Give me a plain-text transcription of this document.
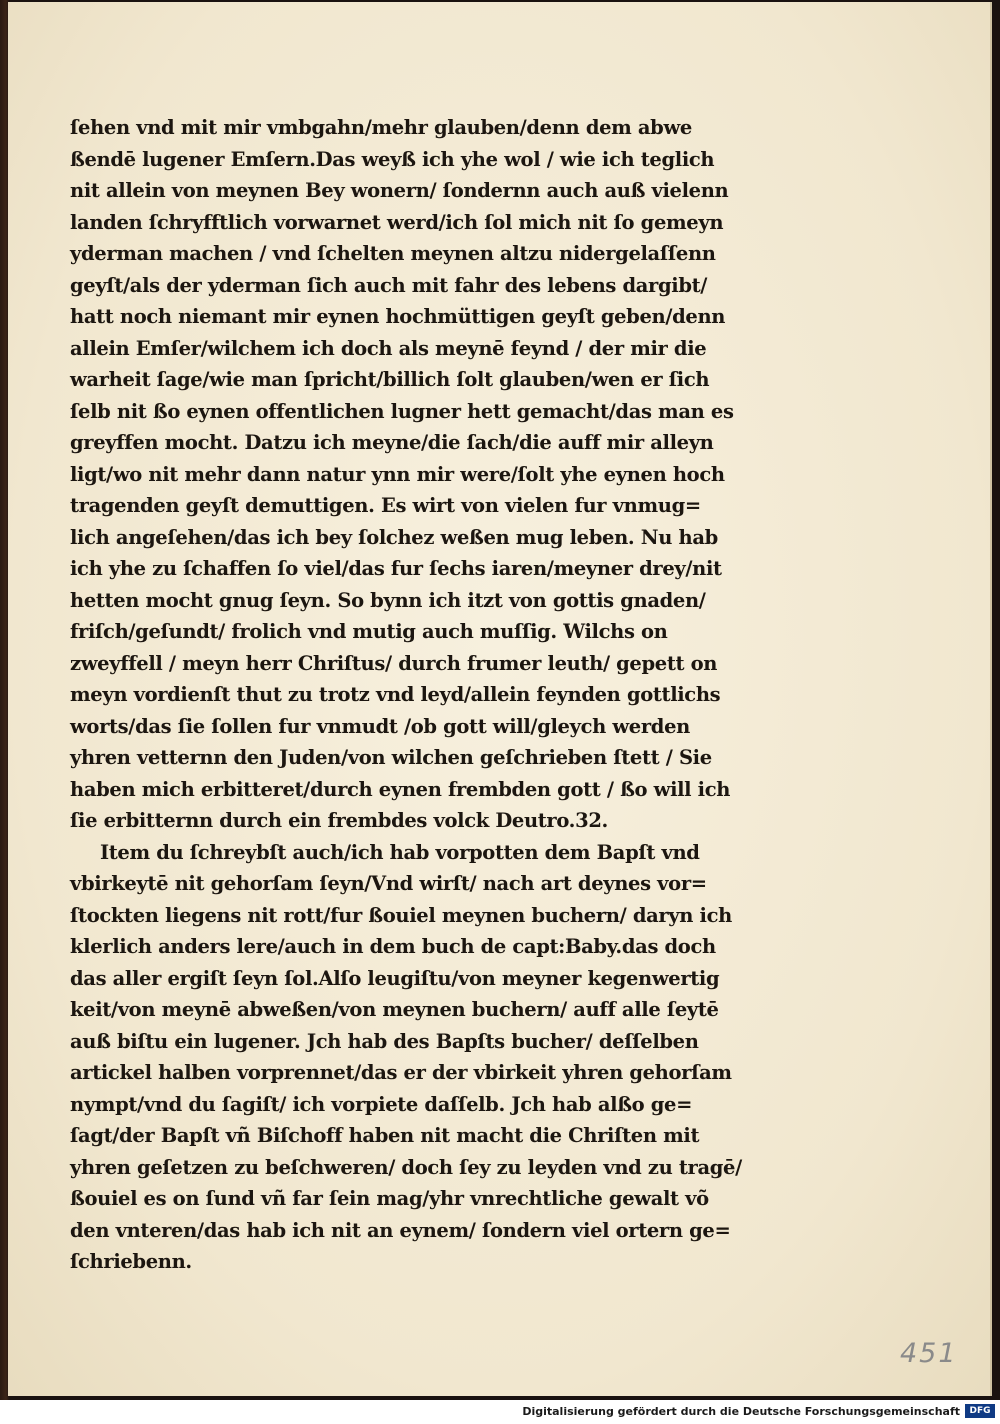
ſehen vnd mit mir vmbgahn/mehr glauben/denn dem abwe
ßendē lugener Emſern.Das weyß ich yhe wol / wie ich teglich
nit allein von meynen Bey wonern/ ſondernn auch auß vielenn
landen ſchryfftlich vorwarnet werd/ich ſol mich nit ſo gemeyn
yderman machen / vnd ſchelten meynen altzu nidergelaſſenn
geyſt/als der yderman ſich auch mit fahr des lebens dargibt/
hatt noch niemant mir eynen hochmüttigen geyſt geben/denn
allein Emſer/wilchem ich doch als meynē feynd / der mir die
warheit ſage/wie man ſpricht/billich ſolt glauben/wen er ſich
ſelb nit ßo eynen offentlichen lugner hett gemacht/das man es
greyffen mocht. Datzu ich meyne/die ſach/die auff mir alleyn
ligt/wo nit mehr dann natur ynn mir were/ſolt yhe eynen hoch
tragenden geyſt demuttigen. Es wirt von vielen fur vnmug=
lich angeſehen/das ich bey ſolchez weßen mug leben. Nu hab
ich yhe zu ſchaffen ſo viel/das fur ſechs iaren/meyner drey/nit
hetten mocht gnug ſeyn. So bynn ich itzt von gottis gnaden/
friſch/geſundt/ frolich vnd mutig auch muſſig. Wilchs on
zweyffell / meyn herr Chriſtus/ durch frumer leuth/ gepett on
meyn vordienſt thut zu trotz vnd leyd/allein feynden gottlichs
worts/das ſie ſollen fur vnmudt /ob gott will/gleych werden
yhren vetternn den Juden/von wilchen geſchrieben ſtett / Sie
haben mich erbitteret/durch eynen frembden gott / ßo will ich
ſie erbitternn durch ein frembdes volck Deutro.32.
Item du ſchreybſt auch/ich hab vorpotten dem Bapſt vnd
vbirkeytē nit gehorſam ſeyn/Vnd wirſt/ nach art deynes vor=
ſtockten liegens nit rott/fur ßouiel meynen buchern/ daryn ich
klerlich anders lere/auch in dem buch de capt:Baby.das doch
das aller ergiſt ſeyn ſol.Alſo leugiſtu/von meyner kegenwertig
keit/von meynē abweßen/von meynen buchern/ auff alle ſeytē
auß biſtu ein lugener. Jch hab des Bapſts bucher/ deſſelben
artickel halben vorprennet/das er der vbirkeit yhren gehorſam
nympt/vnd du ſagiſt/ ich vorpiete daſſelb. Jch hab alßo ge=
ſagt/der Bapſt vñ Biſchoff haben nit macht die Chriſten mit
yhren geſetzen zu beſchweren/ doch ſey zu leyden vnd zu tragē/
ßouiel es on ſund vñ far ſein mag/yhr vnrechtliche gewalt võ
den vnteren/das hab ich nit an eynem/ ſondern viel ortern ge=
ſchriebenn.
451
Digitalisierung gefördert durch die Deutsche Forschungsgemeinschaft	DFG
